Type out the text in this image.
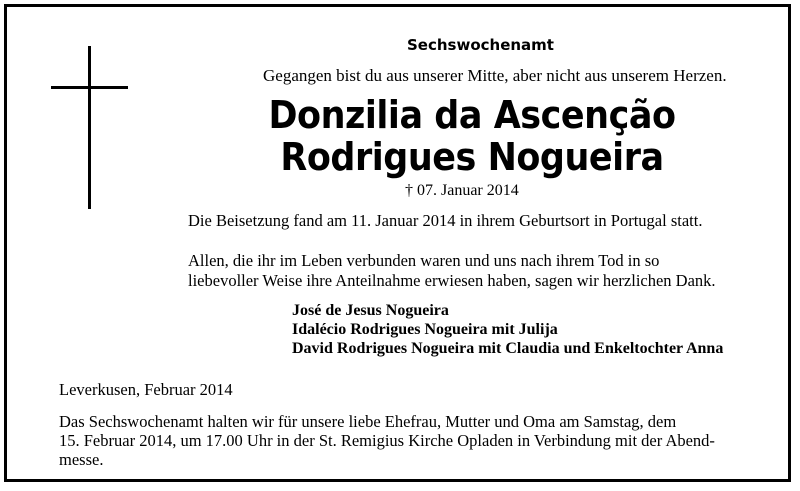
Sechswochenamt
Gegangen bist du aus unserer Mitte, aber nicht aus unserem Herzen.
Donzilia da Ascenção
Rodrigues Nogueira
† 07. Januar 2014
Die Beisetzung fand am 11. Januar 2014 in ihrem Geburtsort in Portugal statt.
Allen, die ihr im Leben verbunden waren und uns nach ihrem Tod in so
liebevoller Weise ihre Anteilnahme erwiesen haben, sagen wir herzlichen Dank.
José de Jesus Nogueira
Idalécio Rodrigues Nogueira mit Julija
David Rodrigues Nogueira mit Claudia und Enkeltochter Anna
Leverkusen, Februar 2014
Das Sechswochenamt halten wir für unsere liebe Ehefrau, Mutter und Oma am Samstag, dem
15. Februar 2014, um 17.00 Uhr in der St. Remigius Kirche Opladen in Verbindung mit der Abend-
messe.
